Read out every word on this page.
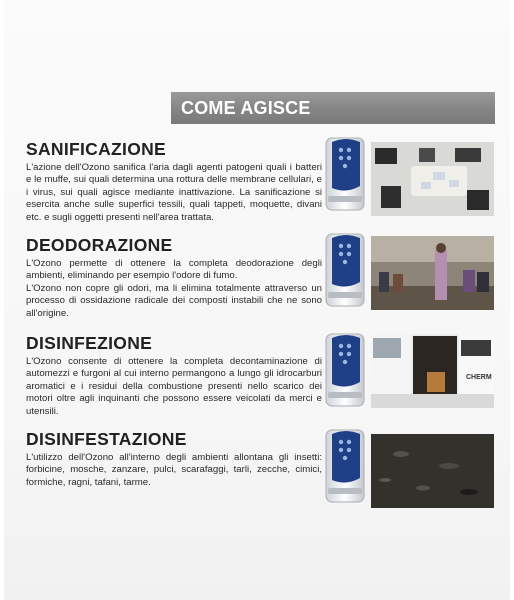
COME AGISCE
SANIFICAZIONE

L'azione dell'Ozono sanifica l'aria dagli agenti patogeni quali i batteri e le muffe, sui quali determina una rottura delle membrane cellulari, e i virus, sui quali agisce mediante inattivazione. La sanificazione si esercita anche sulle superfici tessili, quali tappeti, moquette, divani etc. e sugli oggetti presenti nell'area trattata.

DEODORAZIONE

L'Ozono permette di ottenere la completa deodorazione degli ambienti, eliminando per esempio l'odore di fumo.

L'Ozono non copre gli odori, ma li elimina totalmente attraverso un processo di ossidazione radicale dei composti instabili che ne sono all'origine.

DISINFEZIONE

L'Ozono consente di ottenere la completa decontaminazione di automezzi e furgoni al cui interno permangono a lungo gli idrocarburi aromatici e i residui della combustione presenti nello scarico dei motori oltre agli inquinanti che possono essere veicolati da merci e utensili.

DISINFESTAZIONE

L'utilizzo dell'Ozono all'interno degli ambienti allontana gli insetti: forbicine, mosche, zanzare, pulci, scarafaggi, tarli, zecche, cimici, formiche, ragni, tafani, tarme.

CHERM
